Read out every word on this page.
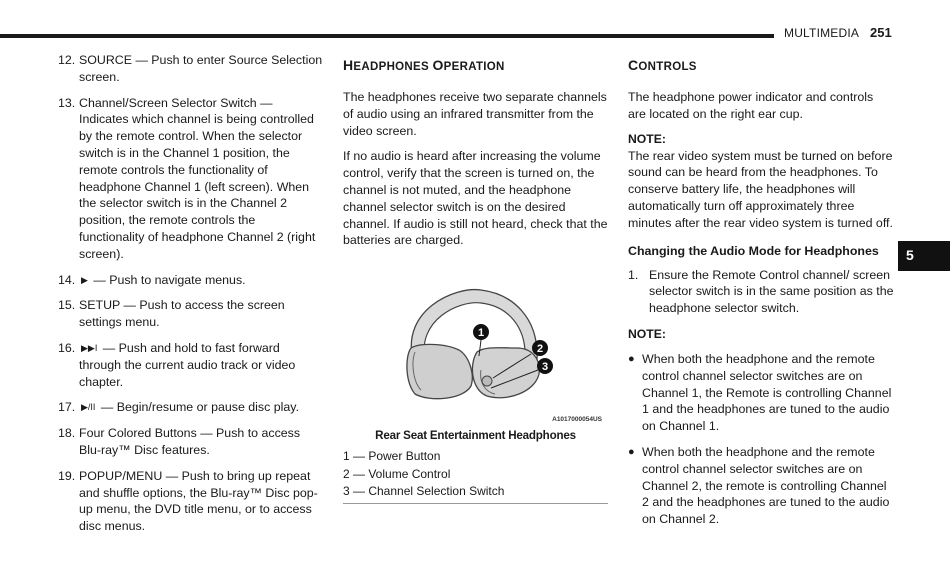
MULTIMEDIA 251
12. SOURCE — Push to enter Source Selection screen.
13. Channel/Screen Selector Switch — Indicates which channel is being controlled by the remote control. When the selector switch is in the Channel 1 position, the remote controls the functionality of headphone Channel 1 (left screen). When the selector switch is in the Channel 2 position, the remote controls the functionality of headphone Channel 2 (right screen).
14. ▶ — Push to navigate menus.
15. SETUP — Push to access the screen settings menu.
16. ▶▶I — Push and hold to fast forward through the current audio track or video chapter.
17. ▶/II — Begin/resume or pause disc play.
18. Four Colored Buttons — Push to access Blu-ray™ Disc features.
19. POPUP/MENU — Push to bring up repeat and shuffle options, the Blu-ray™ Disc pop-up menu, the DVD title menu, or to access disc menus.
HEADPHONES OPERATION

The headphones receive two separate channels of audio using an infrared transmitter from the video screen.

If no audio is heard after increasing the volume control, verify that the screen is turned on, the channel is not muted, and the headphone channel selector switch is on the desired channel. If audio is still not heard, check that the batteries are charged.

1
2
3
A1017000054US
Rear Seat Entertainment Headphones
1 — Power Button
2 — Volume Control
3 — Channel Selection Switch
CONTROLS

The headphone power indicator and controls are located on the right ear cup.

NOTE:

The rear video system must be turned on before sound can be heard from the headphones. To conserve battery life, the headphones will automatically turn off approximately three minutes after the rear video system is turned off.

Changing the Audio Mode for Headphones
1. Ensure the Remote Control channel/ screen selector switch is in the same position as the headphone selector switch.
NOTE:
● When both the headphone and the remote control channel selector switches are on Channel 1, the Remote is controlling Channel 1 and the headphones are tuned to the audio on Channel 1.
● When both the headphone and the remote control channel selector switches are on Channel 2, the remote is controlling Channel 2 and the headphones are tuned to the audio on Channel 2.
5
